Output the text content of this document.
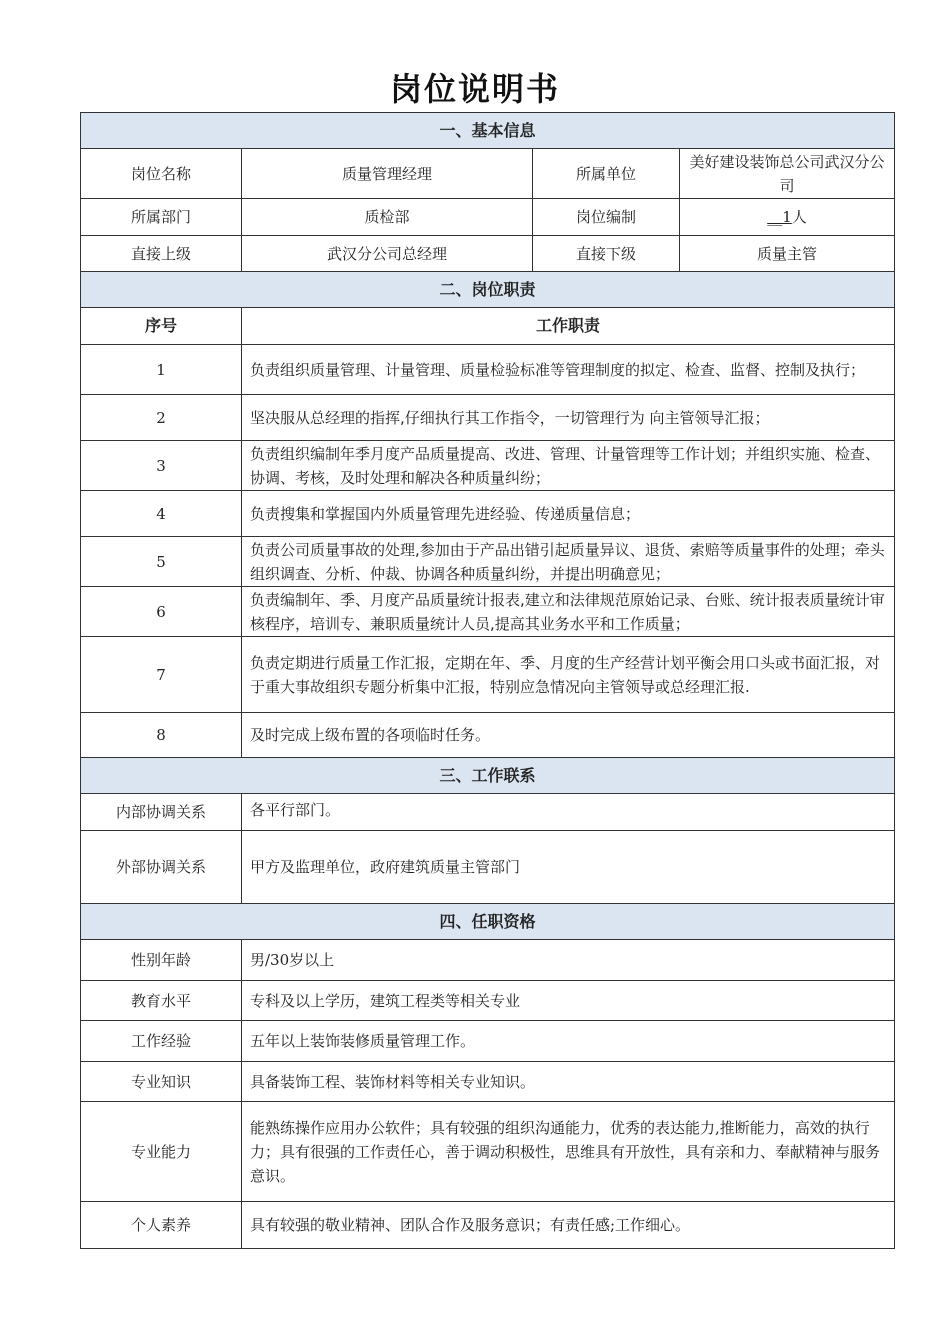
岗位说明书
一、基本信息			
岗位名称	质量管理经理	所属单位	美好建设装饰总公司武汉分公司
所属部门	质检部	岗位编制	__1人
直接上级	武汉分公司总经理	直接下级	质量主管
二、岗位职责			
序号	工作职责		
1	负责组织质量管理、计量管理、质量检验标准等管理制度的拟定、检查、监督、控制及执行；		
2	坚决服从总经理的指挥,仔细执行其工作指令，一切管理行为 向主管领导汇报；		
3	负责组织编制年季月度产品质量提高、改进、管理、计量管理等工作计划；并组织实施、检查、协调、考核，及时处理和解决各种质量纠纷；		
4	负责搜集和掌握国内外质量管理先进经验、传递质量信息；		
5	负责公司质量事故的处理,参加由于产品出错引起质量异议、退货、索赔等质量事件的处理；牵头组织调查、分析、仲裁、协调各种质量纠纷，并提出明确意见；		
6	负责编制年、季、月度产品质量统计报表,建立和法律规范原始记录、台账、统计报表质量统计审核程序，培训专、兼职质量统计人员,提高其业务水平和工作质量；		
7	负责定期进行质量工作汇报，定期在年、季、月度的生产经营计划平衡会用口头或书面汇报，对于重大事故组织专题分析集中汇报，特别应急情况向主管领导或总经理汇报.		
8	及时完成上级布置的各项临时任务。		
三、工作联系			
内部协调关系	各平行部门。		
外部协调关系	甲方及监理单位，政府建筑质量主管部门		
四、任职资格			
性别年龄	男/30岁以上		
教育水平	专科及以上学历，建筑工程类等相关专业		
工作经验	五年以上装饰装修质量管理工作。		
专业知识	具备装饰工程、装饰材料等相关专业知识。		
专业能力	能熟练操作应用办公软件；具有较强的组织沟通能力，优秀的表达能力,推断能力，高效的执行力；具有很强的工作责任心，善于调动积极性，思维具有开放性，具有亲和力、奉献精神与服务意识。		
个人素养	具有较强的敬业精神、团队合作及服务意识；有责任感;工作细心。		
